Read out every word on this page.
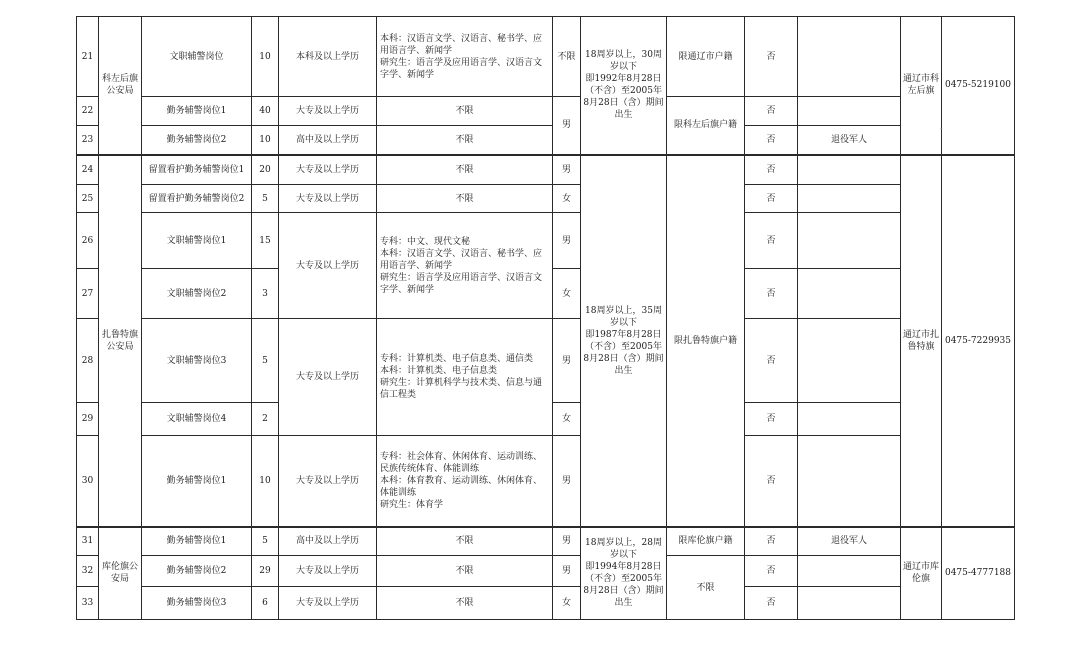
21	科左后旗公安局	文职辅警岗位	10	本科及以上学历	本科：汉语言文学、汉语言、秘书学、应用语言学、新闻学
研究生：语言学及应用语言学、汉语言文字学、新闻学	不限	18周岁以上，30周岁以下
即1992年8月28日（不含）至2005年8月28日（含）期间出生	限通辽市户籍	否		通辽市科左后旗	0475-5219100
22		勤务辅警岗位1	40	大专及以上学历	不限	男		限科左后旗户籍	否			
23		勤务辅警岗位2	10	高中及以上学历	不限				否	退役军人		
24	扎鲁特旗公安局	留置看护勤务辅警岗位1	20	大专及以上学历	不限	男	18周岁以上，35周岁以下
即1987年8月28日（不含）至2005年8月28日（含）期间出生	限扎鲁特旗户籍	否		通辽市扎鲁特旗	0475-7229935
25		留置看护勤务辅警岗位2	5	大专及以上学历	不限	女			否			
26		文职辅警岗位1	15	大专及以上学历	专科：中文、现代文秘
本科：汉语言文学、汉语言、秘书学、应用语言学、新闻学
研究生：语言学及应用语言学、汉语言文字学、新闻学	男			否			
27		文职辅警岗位2	3			女			否			
28		文职辅警岗位3	5	大专及以上学历	专科：计算机类、电子信息类、通信类
本科：计算机类、电子信息类
研究生：计算机科学与技术类、信息与通信工程类	男			否			
29		文职辅警岗位4	2			女			否			
30		勤务辅警岗位1	10	大专及以上学历	专科：社会体育、休闲体育、运动训练、民族传统体育、体能训练
本科：体育教育、运动训练、休闲体育、体能训练
研究生：体育学	男			否			
31	库伦旗公安局	勤务辅警岗位1	5	高中及以上学历	不限	男	18周岁以上，28周岁以下
即1994年8月28日（不含）至2005年8月28日（含）期间出生	限库伦旗户籍	否	退役军人	通辽市库伦旗	0475-4777188
32		勤务辅警岗位2	29	大专及以上学历	不限	男		不限	否			
33		勤务辅警岗位3	6	大专及以上学历	不限	女			否			
-
